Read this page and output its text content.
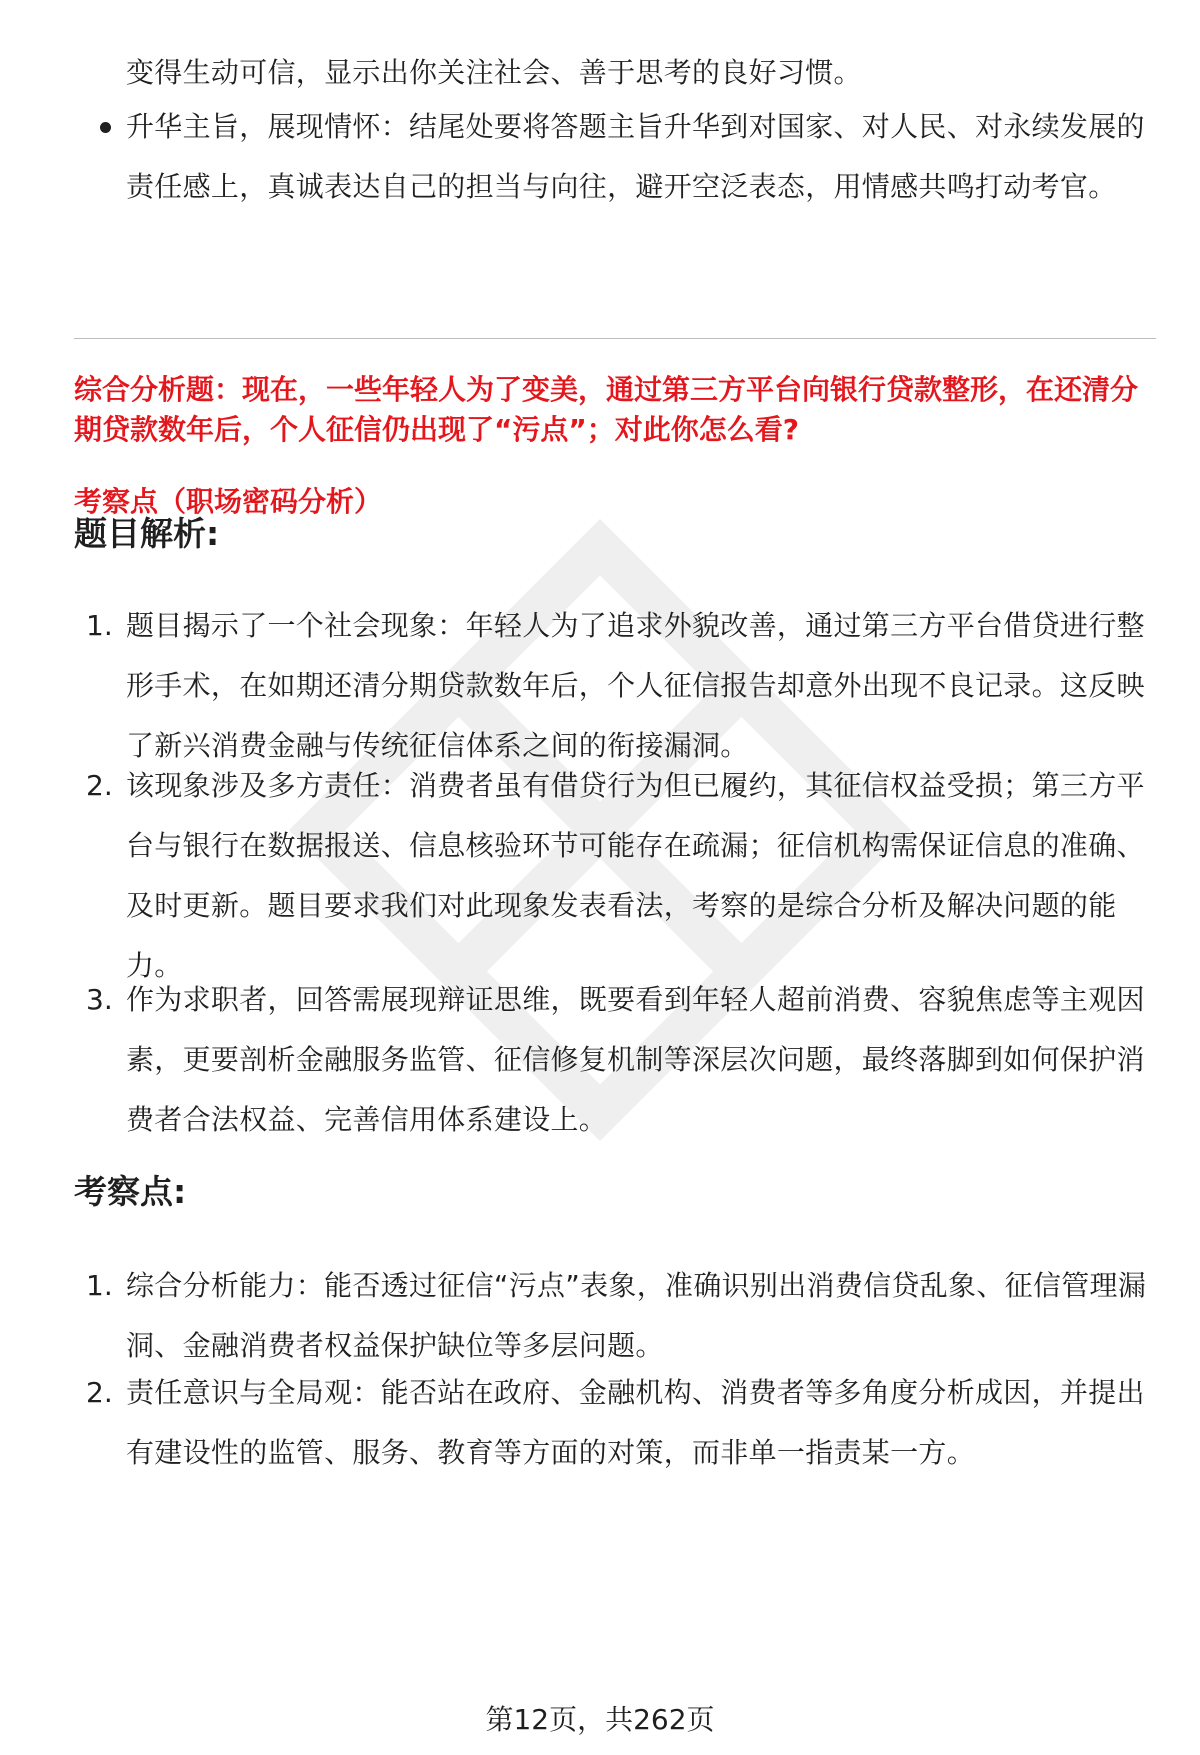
变得生动可信，显示出你关注社会、善于思考的良好习惯。
升华主旨，展现情怀：结尾处要将答题主旨升华到对国家、对人民、对永续发展的责任感上，真诚表达自己的担当与向往，避开空泛表态，用情感共鸣打动考官。
综合分析题：现在，一些年轻人为了变美，通过第三方平台向银行贷款整形，在还清分期贷款数年后，个人征信仍出现了“污点”；对此你怎么看?
考察点（职场密码分析）
题目解析:
1. 题目揭示了一个社会现象：年轻人为了追求外貌改善，通过第三方平台借贷进行整形手术，在如期还清分期贷款数年后，个人征信报告却意外出现不良记录。这反映了新兴消费金融与传统征信体系之间的衔接漏洞。
2. 该现象涉及多方责任：消费者虽有借贷行为但已履约，其征信权益受损；第三方平台与银行在数据报送、信息核验环节可能存在疏漏；征信机构需保证信息的准确、及时更新。题目要求我们对此现象发表看法，考察的是综合分析及解决问题的能力。
3. 作为求职者，回答需展现辩证思维，既要看到年轻人超前消费、容貌焦虑等主观因素，更要剖析金融服务监管、征信修复机制等深层次问题，最终落脚到如何保护消费者合法权益、完善信用体系建设上。
考察点:
1. 综合分析能力：能否透过征信“污点”表象，准确识别出消费信贷乱象、征信管理漏洞、金融消费者权益保护缺位等多层问题。
2. 责任意识与全局观：能否站在政府、金融机构、消费者等多角度分析成因，并提出有建设性的监管、服务、教育等方面的对策，而非单一指责某一方。
第12页，共262页
